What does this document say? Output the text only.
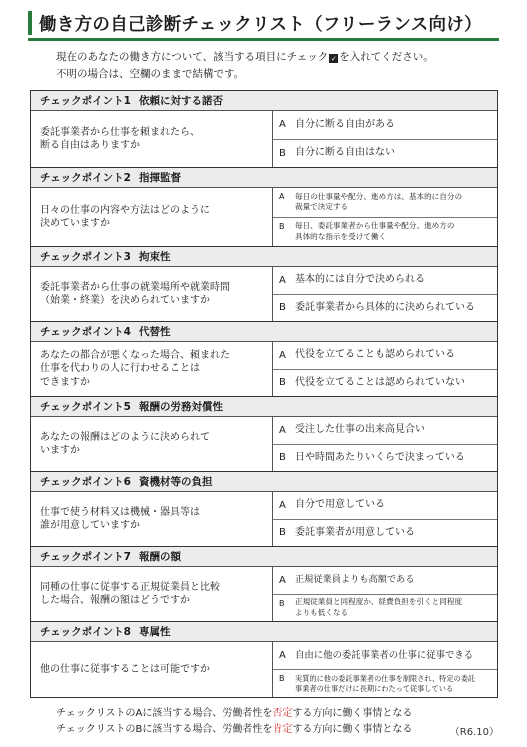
働き方の自己診断チェックリスト（フリーランス向け）
現在のあなたの働き方について、該当する項目にチェック ✓ を入れてください。
不明の場合は、空欄のままで結構です。
チェックポイント1 依頼に対する諾否
委託事業者から仕事を頼まれたら、
断る自由はありますか
A 自分に断る自由がある
B 自分に断る自由はない
チェックポイント2 指揮監督
日々の仕事の内容や方法はどのように
決めていますか
A	毎日の仕事量や配分、進め方は、基本的に自分の
裁量で決定する
B	毎日、委託事業者から仕事量や配分、進め方の
具体的な指示を受けて働く
チェックポイント3 拘束性
委託事業者から仕事の就業場所や就業時間
（始業・終業）を決められていますか
A 基本的には自分で決められる
B 委託事業者から具体的に決められている
チェックポイント4 代替性
あなたの都合が悪くなった場合、頼まれた
仕事を代わりの人に行わせることは
できますか
A 代役を立てることも認められている
B 代役を立てることは認められていない
チェックポイント5 報酬の労務対償性
あなたの報酬はどのように決められて
いますか
A 受注した仕事の出来高見合い
B 日や時間あたりいくらで決まっている
チェックポイント6 資機材等の負担
仕事で使う材料又は機械・器具等は
誰が用意していますか
A 自分で用意している
B 委託事業者が用意している
チェックポイント7 報酬の額
同種の仕事に従事する正規従業員と比較
した場合、報酬の額はどうですか
A 正規従業員よりも高額である
B	正規従業員と同程度か、経費負担を引くと同程度
よりも低くなる
チェックポイント8 専属性
他の仕事に従事することは可能ですか
A 自由に他の委託事業者の仕事に従事できる
B	実質的に他の委託事業者の仕事を制限され、特定の委託
事業者の仕事だけに長期にわたって従事している
チェックリストのAに該当する場合、労働者性を否定する方向に働く事情となる
チェックリストのBに該当する場合、労働者性を肯定する方向に働く事情となる	（R6.10）
